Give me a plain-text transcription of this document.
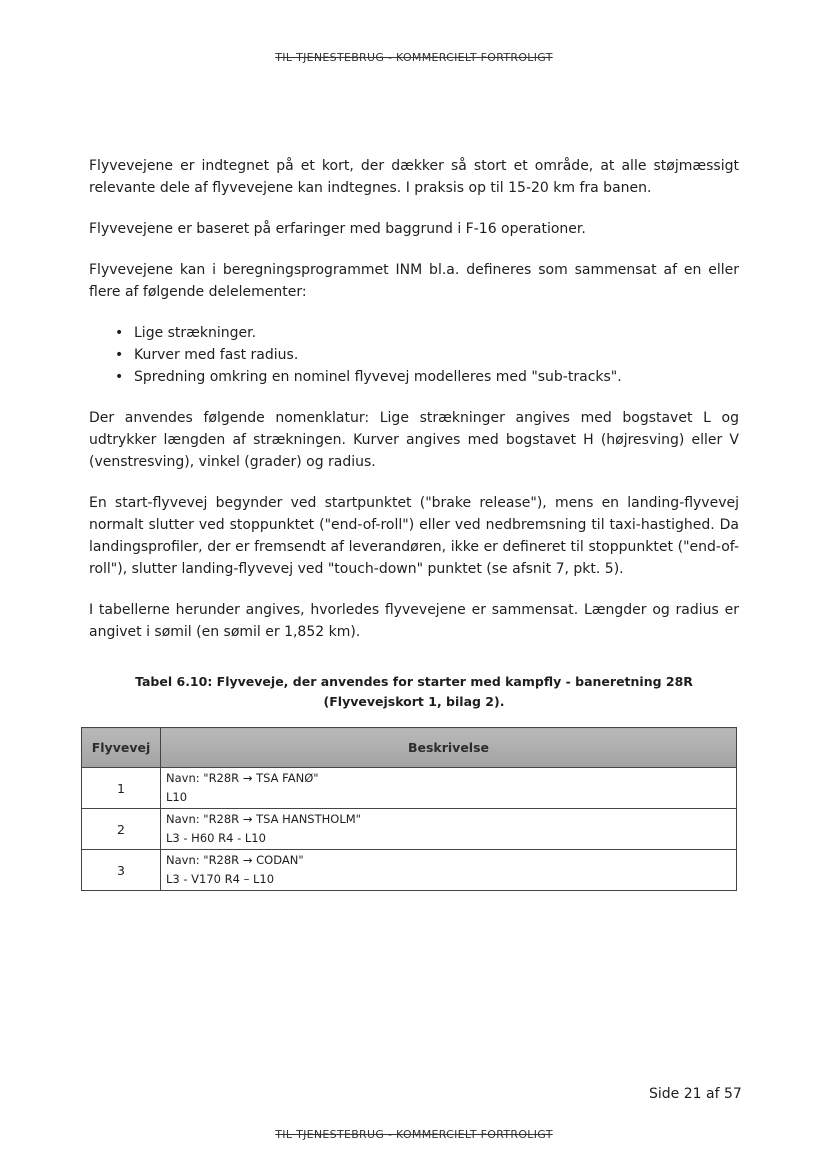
TIL TJENESTEBRUG - KOMMERCIELT FORTROLIGT

Flyvevejene er indtegnet på et kort, der dækker så stort et område, at alle støjmæssigt relevante dele af flyvevejene kan indtegnes. I praksis op til 15-20 km fra banen.

Flyvevejene er baseret på erfaringer med baggrund i F-16 operationer.

Flyvevejene kan i beregningsprogrammet INM bl.a. defineres som sammensat af en eller flere af følgende delelementer:

• Lige strækninger.
• Kurver med fast radius.
• Spredning omkring en nominel flyvevej modelleres med "sub-tracks".

Der anvendes følgende nomenklatur: Lige strækninger angives med bogstavet L og udtrykker længden af strækningen. Kurver angives med bogstavet H (højresving) eller V (venstresving), vinkel (grader) og radius.

En start-flyvevej begynder ved startpunktet ("brake release"), mens en landing-flyvevej normalt slutter ved stoppunktet ("end-of-roll") eller ved nedbremsning til taxi-hastighed. Da landingsprofiler, der er fremsendt af leverandøren, ikke er defineret til stoppunktet ("end-of-roll"), slutter landing-flyvevej ved "touch-down" punktet (se afsnit 7, pkt. 5).

I tabellerne herunder angives, hvorledes flyvevejene er sammensat. Længder og radius er angivet i sømil (en sømil er 1,852 km).

Tabel 6.10: Flyveveje, der anvendes for starter med kampfly - baneretning 28R
(Flyvevejskort 1, bilag 2).
Flyvevej	Beskrivelse
1	Navn: "R28R → TSA FANØ"
L10

2	Navn: "R28R → TSA HANSTHOLM"
L3 - H60 R4 - L10

3	Navn: "R28R → CODAN"
L3 - V170 R4 – L10
Side 21 af 57
TIL TJENESTEBRUG - KOMMERCIELT FORTROLIGT
